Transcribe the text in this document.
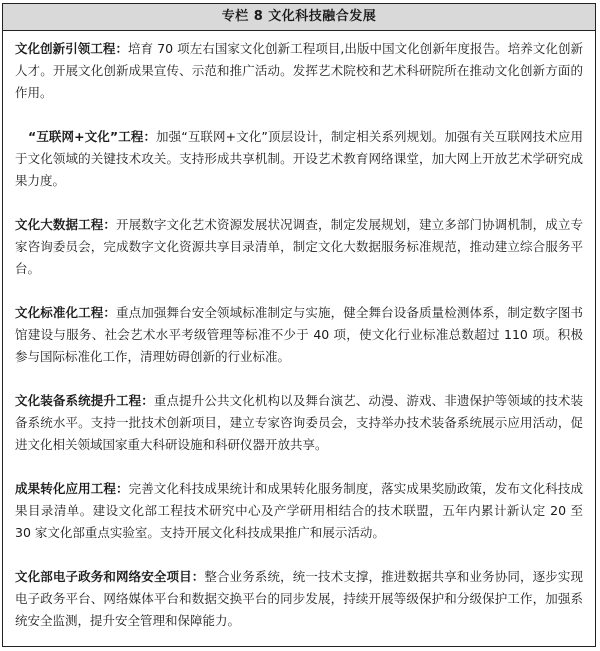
专栏 8 文化科技融合发展

文化创新引领工程：培育 70 项左右国家文化创新工程项目,出版中国文化创新年度报告。培养文化创新人才。开展文化创新成果宣传、示范和推广活动。发挥艺术院校和艺术科研院所在推动文化创新方面的作用。

“互联网+文化”工程：加强“互联网+文化”顶层设计，制定相关系列规划。加强有关互联网技术应用于文化领域的关键技术攻关。支持形成共享机制。开设艺术教育网络课堂，加大网上开放艺术学研究成果力度。

文化大数据工程：开展数字文化艺术资源发展状况调查，制定发展规划，建立多部门协调机制，成立专家咨询委员会，完成数字文化资源共享目录清单，制定文化大数据服务标准规范，推动建立综合服务平台。

文化标准化工程：重点加强舞台安全领域标准制定与实施，健全舞台设备质量检测体系，制定数字图书馆建设与服务、社会艺术水平考级管理等标准不少于 40 项，使文化行业标准总数超过 110 项。积极参与国际标准化工作，清理妨碍创新的行业标准。

文化装备系统提升工程：重点提升公共文化机构以及舞台演艺、动漫、游戏、非遗保护等领域的技术装备系统水平。支持一批技术创新项目，建立专家咨询委员会，支持举办技术装备系统展示应用活动，促进文化相关领域国家重大科研设施和科研仪器开放共享。

成果转化应用工程：完善文化科技成果统计和成果转化服务制度，落实成果奖励政策，发布文化科技成果目录清单。建设文化部工程技术研究中心及产学研用相结合的技术联盟，五年内累计新认定 20 至 30 家文化部重点实验室。支持开展文化科技成果推广和展示活动。

文化部电子政务和网络安全项目：整合业务系统，统一技术支撑，推进数据共享和业务协同，逐步实现电子政务平台、网络媒体平台和数据交换平台的同步发展，持续开展等级保护和分级保护工作，加强系统安全监测，提升安全管理和保障能力。
